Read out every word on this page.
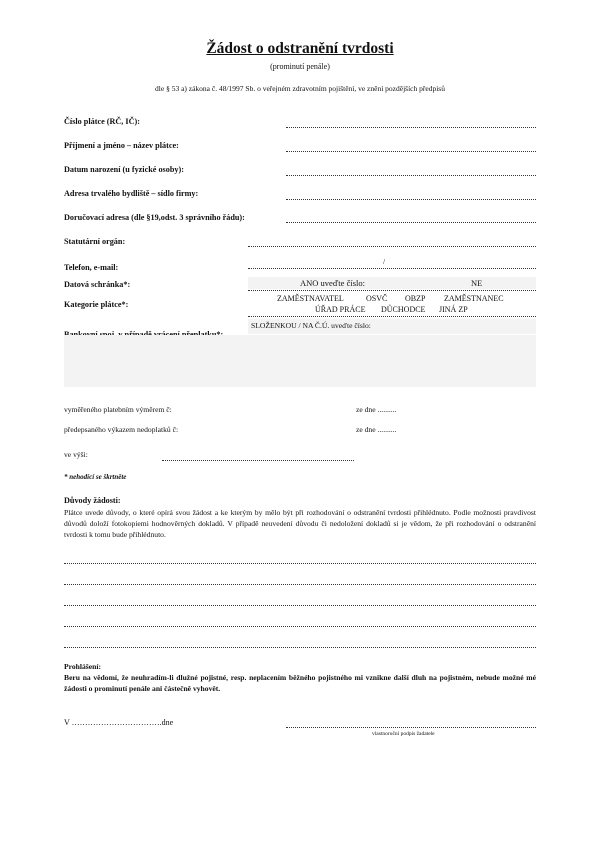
Žádost o odstranění tvrdosti
(prominutí penále)
dle § 53 a) zákona č. 48/1997 Sb. o veřejném zdravotním pojištění, ve znění pozdějších předpisů
Číslo plátce (RČ, IČ):
Příjmení a jméno – název plátce:
Datum narození (u fyzické osoby):
Adresa trvalého bydliště – sídlo firmy:
Doručovací adresa (dle §19,odst. 3 správního řádu):
Statutární orgán:
Telefon, e-mail:
/
Datová schránka*:	ANO uveďte číslo:	NE
Kategorie plátce*:
ZAMĚSTNAVATEL	OSVČ OBZP ZAMĚSTNANEC
ÚŘAD PRÁCE DŮCHODCE JINÁ ZP
SLOŽENKOU / NA Č.Ú. uveďte číslo:
vyměřeného platebním výměrem č:	ze dne ..........
předepsaného výkazem nedoplatků č:	ze dne ..........
ve výši:
* nehodící se škrtněte
Důvody žádosti:
Plátce uvede důvody, o které opírá svou žádost a ke kterým by mělo být při rozhodování o odstranění tvrdosti přihlédnuto. Podle možnosti pravdivost důvodů doloží fotokopiemi hodnověrných dokladů. V případě neuvedení důvodu či nedoložení dokladů si je vědom, že při rozhodování o odstranění tvrdosti k tomu bude přihlédnuto.
Prohlášení:
Beru na vědomí, že neuhradím-li dlužné pojistné, resp. neplacením běžného pojistného mi vznikne další dluh na pojistném, nebude možné mé žádosti o prominutí penále ani částečně vyhovět.
V …………………………….dne
vlastnoruční podpis žadatele
